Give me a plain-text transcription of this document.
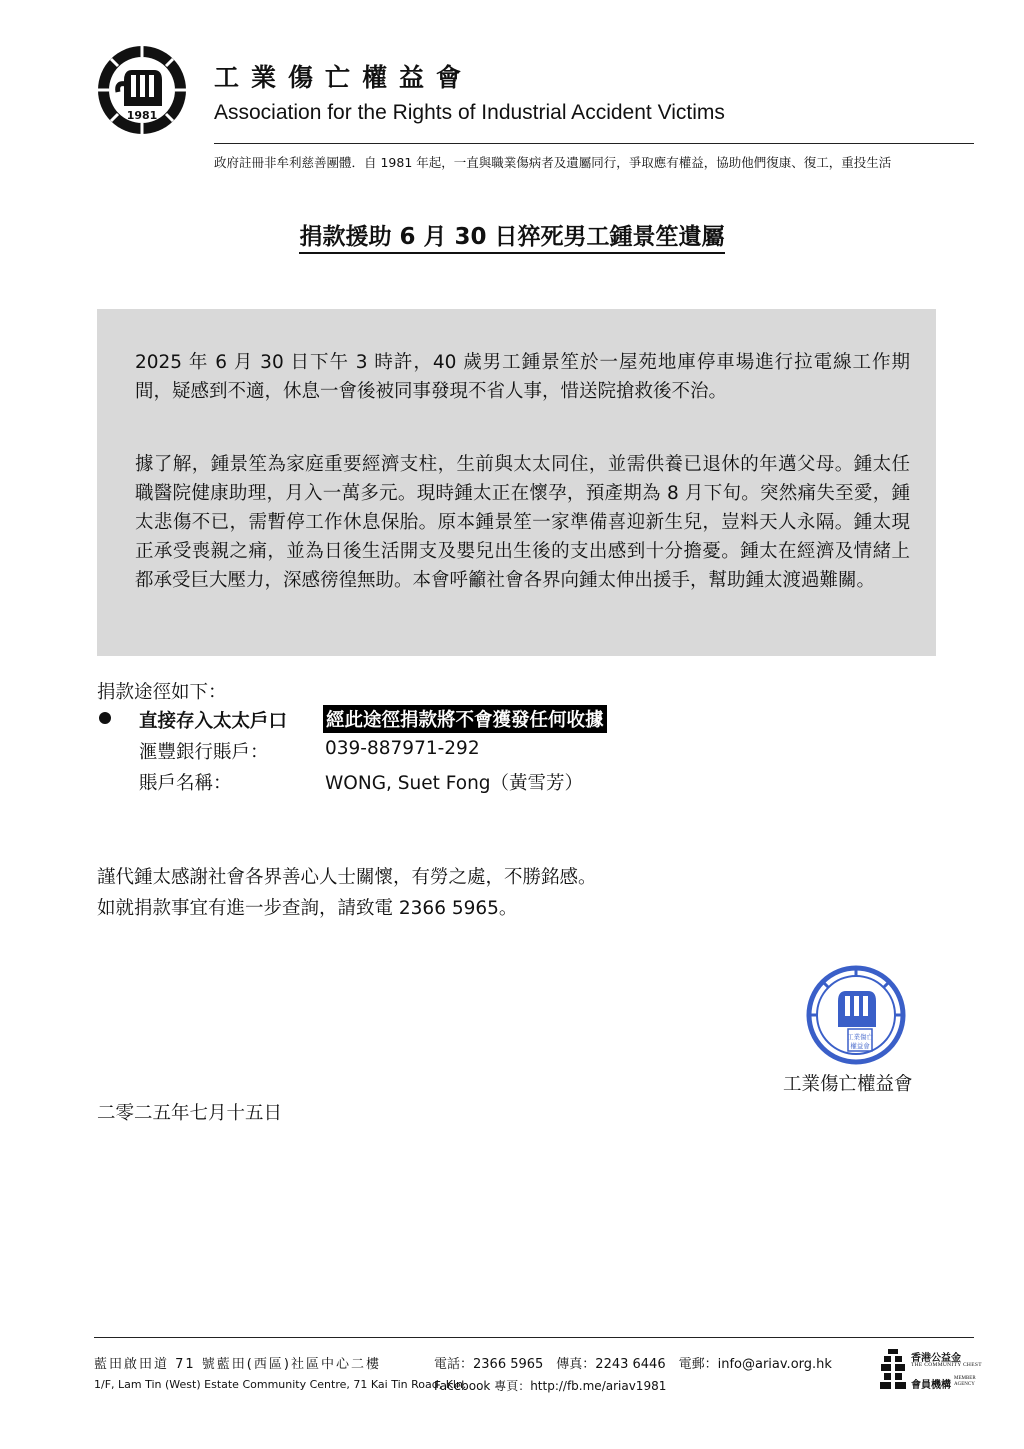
1981
工業傷亡權益會
Association for the Rights of Industrial Accident Victims
政府註冊非牟利慈善團體．自 1981 年起，一直與職業傷病者及遺屬同行，爭取應有權益，協助他們復康、復工，重投生活
捐款援助 6 月 30 日猝死男工鍾景笙遺屬
2025 年 6 月 30 日下午 3 時許，40 歲男工鍾景笙於一屋苑地庫停車場進行拉電線工作期間，疑感到不適，休息一會後被同事發現不省人事，惜送院搶救後不治。
據了解，鍾景笙為家庭重要經濟支柱，生前與太太同住，並需供養已退休的年邁父母。鍾太任職醫院健康助理，月入一萬多元。現時鍾太正在懷孕，預產期為 8 月下旬。突然痛失至愛，鍾太悲傷不已，需暫停工作休息保胎。原本鍾景笙一家準備喜迎新生兒，豈料天人永隔。鍾太現正承受喪親之痛，並為日後生活開支及嬰兒出生後的支出感到十分擔憂。鍾太在經濟及情緒上都承受巨大壓力，深感徬徨無助。本會呼籲社會各界向鍾太伸出援手，幫助鍾太渡過難關。
捐款途徑如下：
直接存入太太戶口 經此途徑捐款將不會獲發任何收據
滙豐銀行賬戶：	039-887971-292
賬戶名稱：	WONG, Suet Fong（黃雪芳）
謹代鍾太感謝社會各界善心人士關懷，有勞之處，不勝銘感。
如就捐款事宜有進一步查詢，請致電 2366 5965。
工業傷亡
權益會
工業傷亡權益會
二零二五年七月十五日
藍田啟田道 71 號藍田(西區)社區中心二樓
1/F, Lam Tin (West) Estate Community Centre, 71 Kai Tin Road, Kln.
電話：2366 5965　傳真：2243 6446　電郵：info@ariav.org.hk
Facebook 專頁：http://fb.me/ariav1981
香港公益金
THE COMMUNITY CHEST
會員機構
MEMBER AGENCY
